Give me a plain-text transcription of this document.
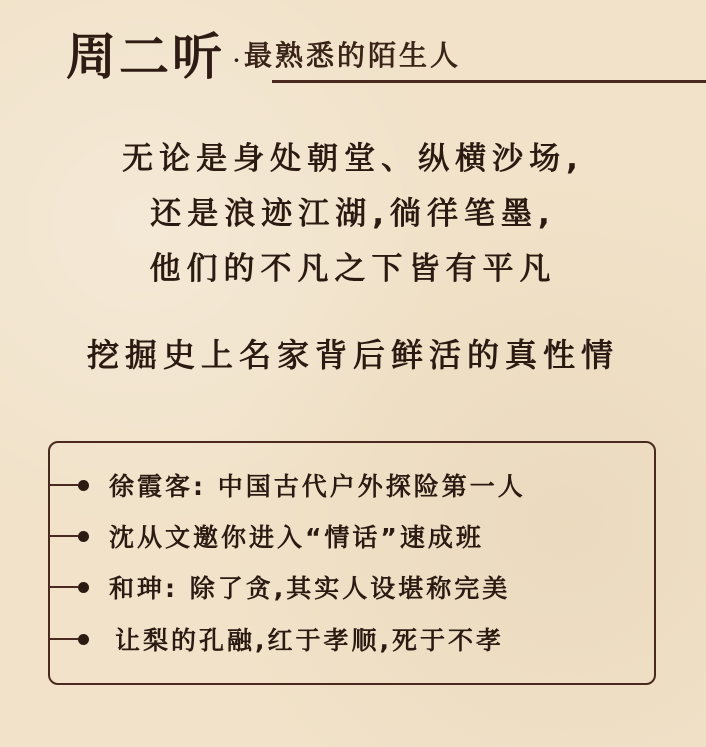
周二听 · 最熟悉的陌生人
无论是身处朝堂、纵横沙场,
还是浪迹江湖,徜徉笔墨,
他们的不凡之下皆有平凡
挖掘史上名家背后鲜活的真性情
徐霞客: 中国古代户外探险第一人
沈从文邀你进入“情话”速成班
和珅: 除了贪,其实人设堪称完美
让梨的孔融,红于孝顺,死于不孝
